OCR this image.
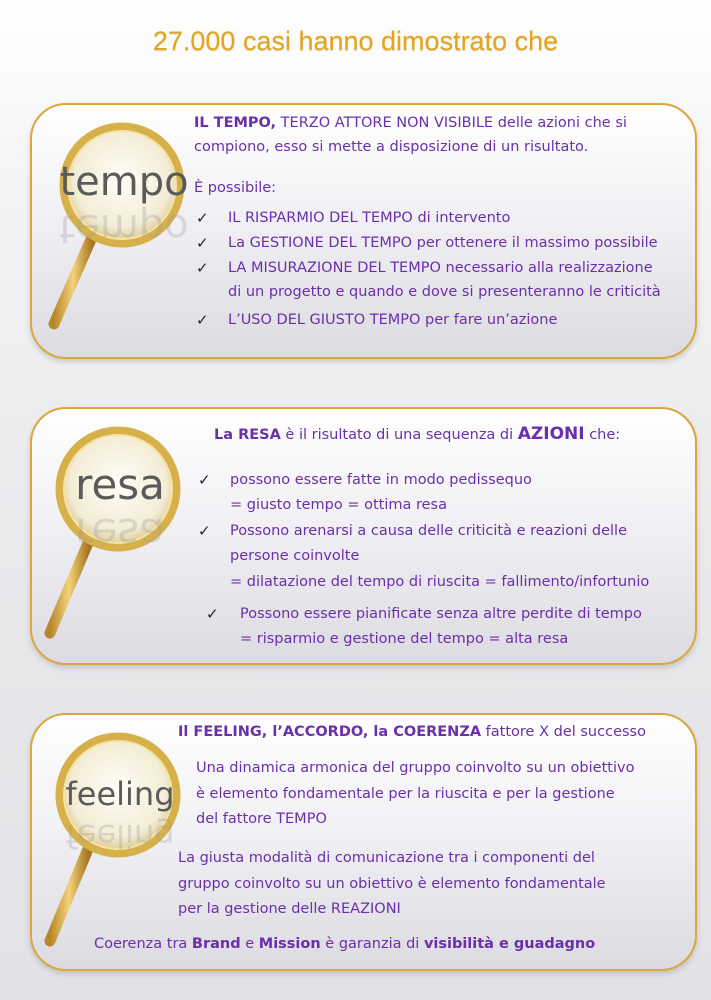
27.000 casi hanno dimostrato che
tempo
tempo
IL TEMPO, TERZO ATTORE NON VISIBILE delle azioni che si
compiono, esso si mette a disposizione di un risultato.
È possibile:
✓ IL RISPARMIO DEL TEMPO di intervento
✓ La GESTIONE DEL TEMPO per ottenere il massimo possibile
✓ LA MISURAZIONE DEL TEMPO necessario alla realizzazione
di un progetto e quando e dove si presenteranno le criticità
✓ L’USO DEL GIUSTO TEMPO per fare un’azione
resa
resa
La RESA è il risultato di una sequenza di AZIONI che:
✓ possono essere fatte in modo pedissequo
= giusto tempo = ottima resa
✓ Possono arenarsi a causa delle criticità e reazioni delle
persone coinvolte
= dilatazione del tempo di riuscita = fallimento/infortunio
✓ Possono essere pianificate senza altre perdite di tempo
= risparmio e gestione del tempo = alta resa
feeling
feeling
Il FEELING, l’ACCORDO, la COERENZA fattore X del successo
Una dinamica armonica del gruppo coinvolto su un obiettivo
è elemento fondamentale per la riuscita e per la gestione
del fattore TEMPO
La giusta modalità di comunicazione tra i componenti del
gruppo coinvolto su un obiettivo è elemento fondamentale
per la gestione delle REAZIONI
Coerenza tra Brand e Mission è garanzia di visibilità e guadagno
